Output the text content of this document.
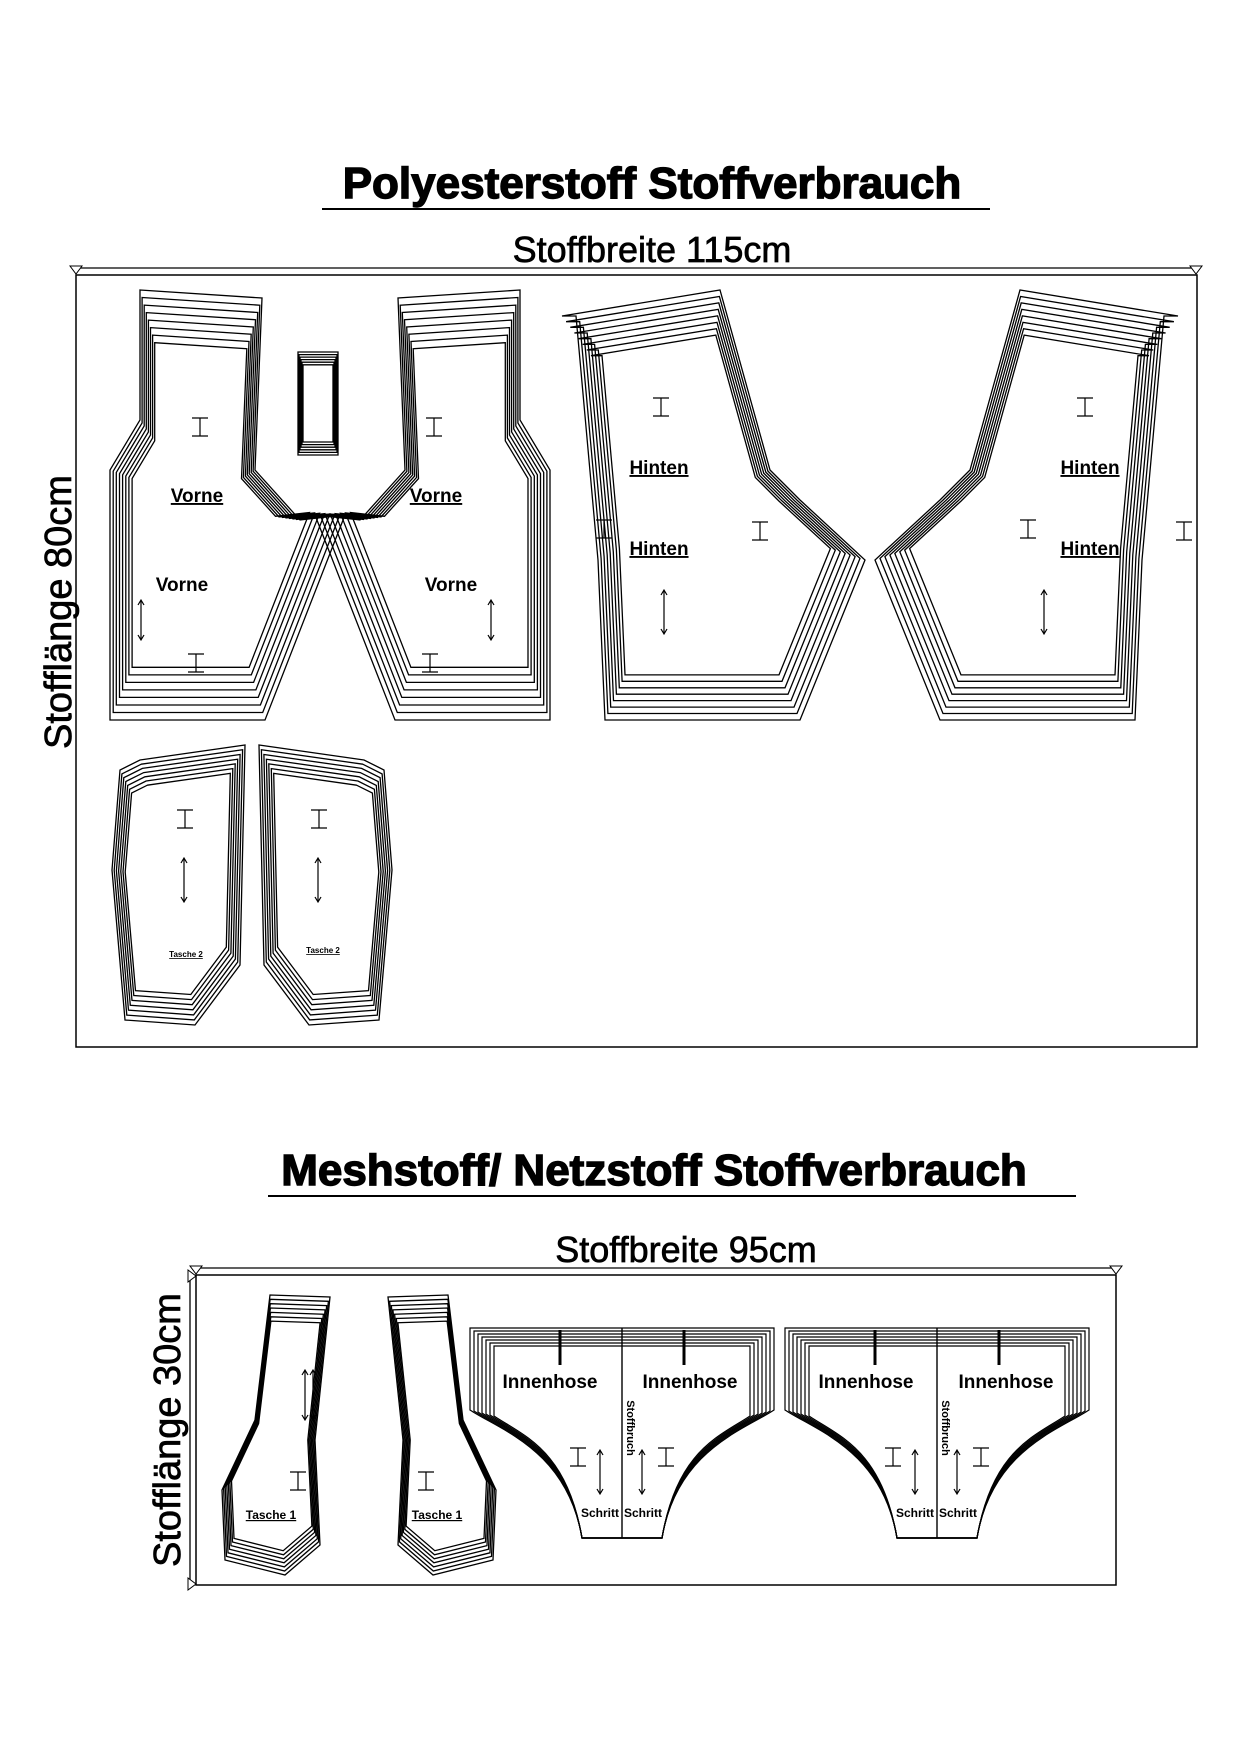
Polyesterstoff Stoffverbrauch
Stoffbreite 115cm
Stofflänge 80cm	Vorne
Vorne
Vorne
Vorne
Hinten
Hinten
Hinten
Hinten
Tasche 2	Tasche 2
Meshstoff/ Netzstoff Stoffverbrauch
Stoffbreite 95cm
Stofflänge 30cm	Tasche 1	Tasche 1
Innenhose Innenhose	Innenhose Innenhose
Schritt Schritt	Schritt Schritt
Stoffbruch	Stoffbruch
